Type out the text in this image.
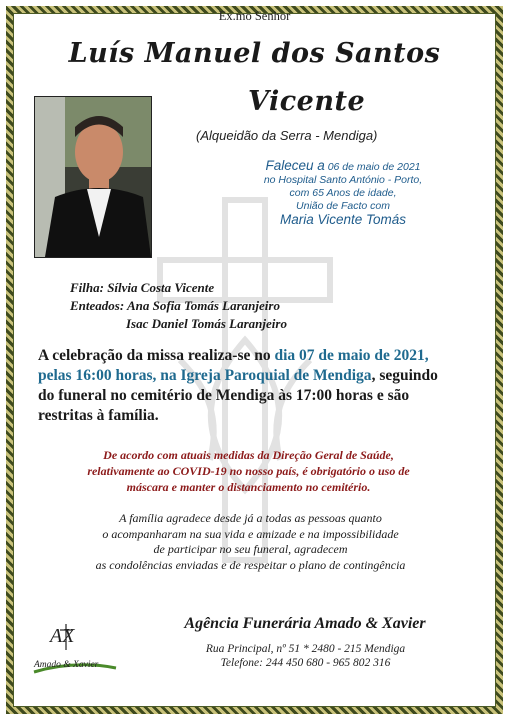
Ex.mo Senhor
Luís Manuel dos Santos
Vicente
(Alqueidão da Serra - Mendiga)
Faleceu a 06 de maio de 2021
no Hospital Santo António - Porto,
com 65 Anos de idade,
União de Facto com
Maria Vicente Tomás
Filha: Sílvia Costa Vicente
Enteados: Ana Sofia Tomás Laranjeiro
Isac Daniel Tomás Laranjeiro
A celebração da missa realiza-se no dia 07 de maio de 2021, pelas 16:00 horas, na Igreja Paroquial de Mendiga, seguindo do funeral no cemitério de Mendiga às 17:00 horas e são restritas à família.
De acordo com atuais medidas da Direção Geral de Saúde,
relativamente ao COVID-19 no nosso país, é obrigatório o uso de
máscara e manter o distanciamento no cemitério.
A família agradece desde já a todas as pessoas quanto
o acompanharam na sua vida e amizade e na impossibilidade
de participar no seu funeral, agradecem
as condolências enviadas e de respeitar o plano de contingência
AX
Amado & Xavier
Agência Funerária Amado & Xavier
Rua Principal, nº 51 * 2480 - 215 Mendiga
Telefone: 244 450 680 - 965 802 316
